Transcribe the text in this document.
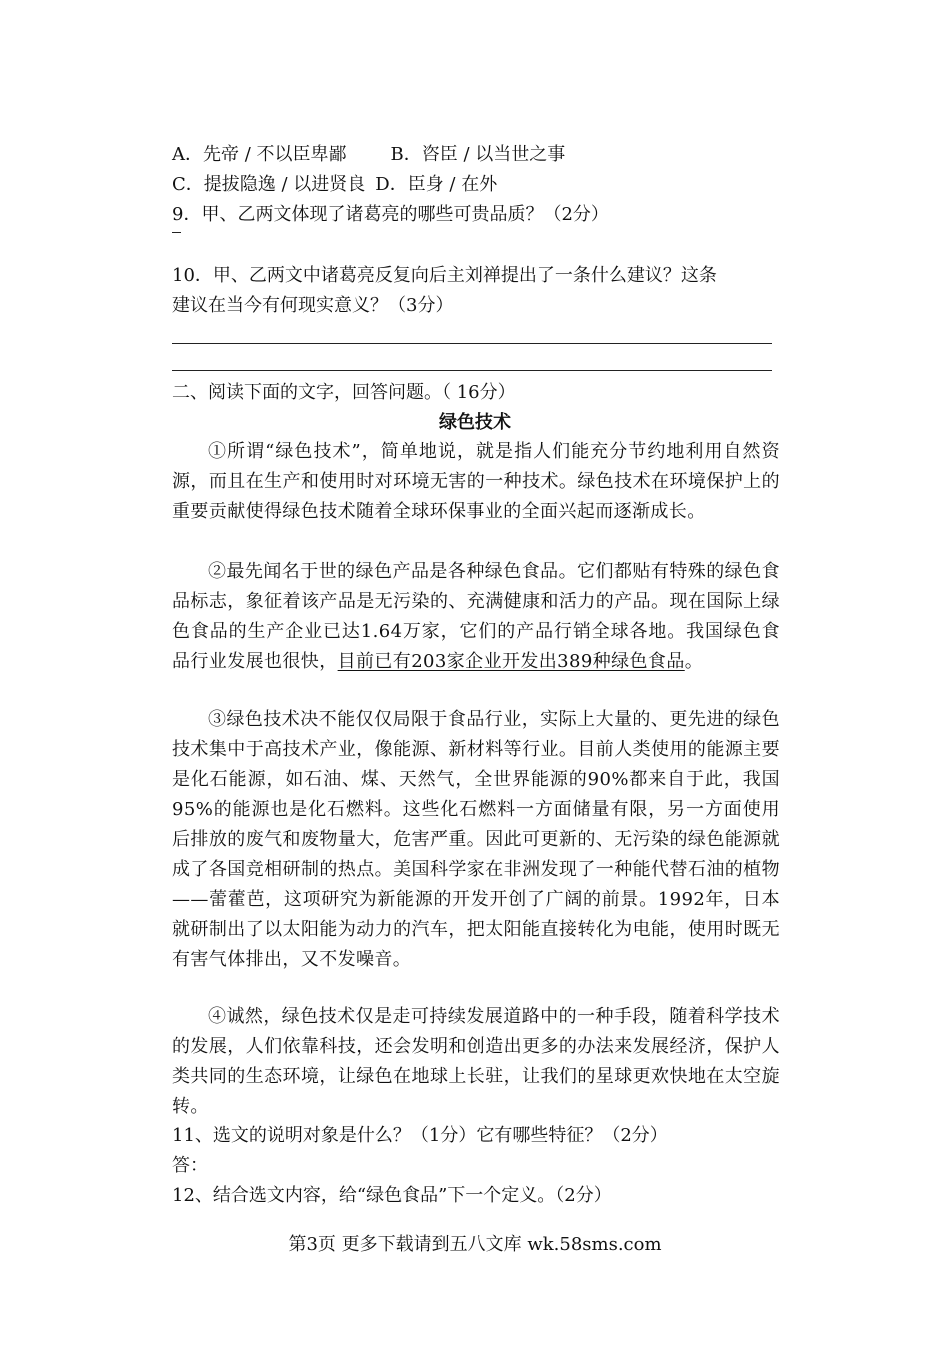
A．先帝 / 不以臣卑鄙 B．咨臣 / 以当世之事
C．提拔隐逸 / 以进贤良 D．臣身 / 在外
9．甲、乙两文体现了诸葛亮的哪些可贵品质？（2分）
10．甲、乙两文中诸葛亮反复向后主刘禅提出了一条什么建议？这条
建议在当今有何现实意义？（3分）
二、阅读下面的文字，回答问题。（ 16分）
绿色技术
①所谓“绿色技术”，简单地说，就是指人们能充分节约地利用自然资源，而且在生产和使用时对环境无害的一种技术。绿色技术在环境保护上的重要贡献使得绿色技术随着全球环保事业的全面兴起而逐渐成长。
②最先闻名于世的绿色产品是各种绿色食品。它们都贴有特殊的绿色食品标志，象征着该产品是无污染的、充满健康和活力的产品。现在国际上绿色食品的生产企业已达1.64万家，它们的产品行销全球各地。我国绿色食品行业发展也很快，目前已有203家企业开发出389种绿色食品。
③绿色技术决不能仅仅局限于食品行业，实际上大量的、更先进的绿色技术集中于高技术产业，像能源、新材料等行业。目前人类使用的能源主要是化石能源，如石油、煤、天然气，全世界能源的90%都来自于此，我国95%的能源也是化石燃料。这些化石燃料一方面储量有限，另一方面使用后排放的废气和废物量大，危害严重。因此可更新的、无污染的绿色能源就成了各国竞相研制的热点。美国科学家在非洲发现了一种能代替石油的植物——蕾藿芭，这项研究为新能源的开发开创了广阔的前景。1992年，日本就研制出了以太阳能为动力的汽车，把太阳能直接转化为电能，使用时既无有害气体排出，又不发噪音。
④诚然，绿色技术仅是走可持续发展道路中的一种手段，随着科学技术的发展，人们依靠科技，还会发明和创造出更多的办法来发展经济，保护人类共同的生态环境，让绿色在地球上长驻，让我们的星球更欢快地在太空旋转。
11、选文的说明对象是什么？（1分）它有哪些特征？（2分）
答：
12、结合选文内容，给“绿色食品”下一个定义。（2分）
第3页 更多下载请到五八文库 wk.58sms.com
